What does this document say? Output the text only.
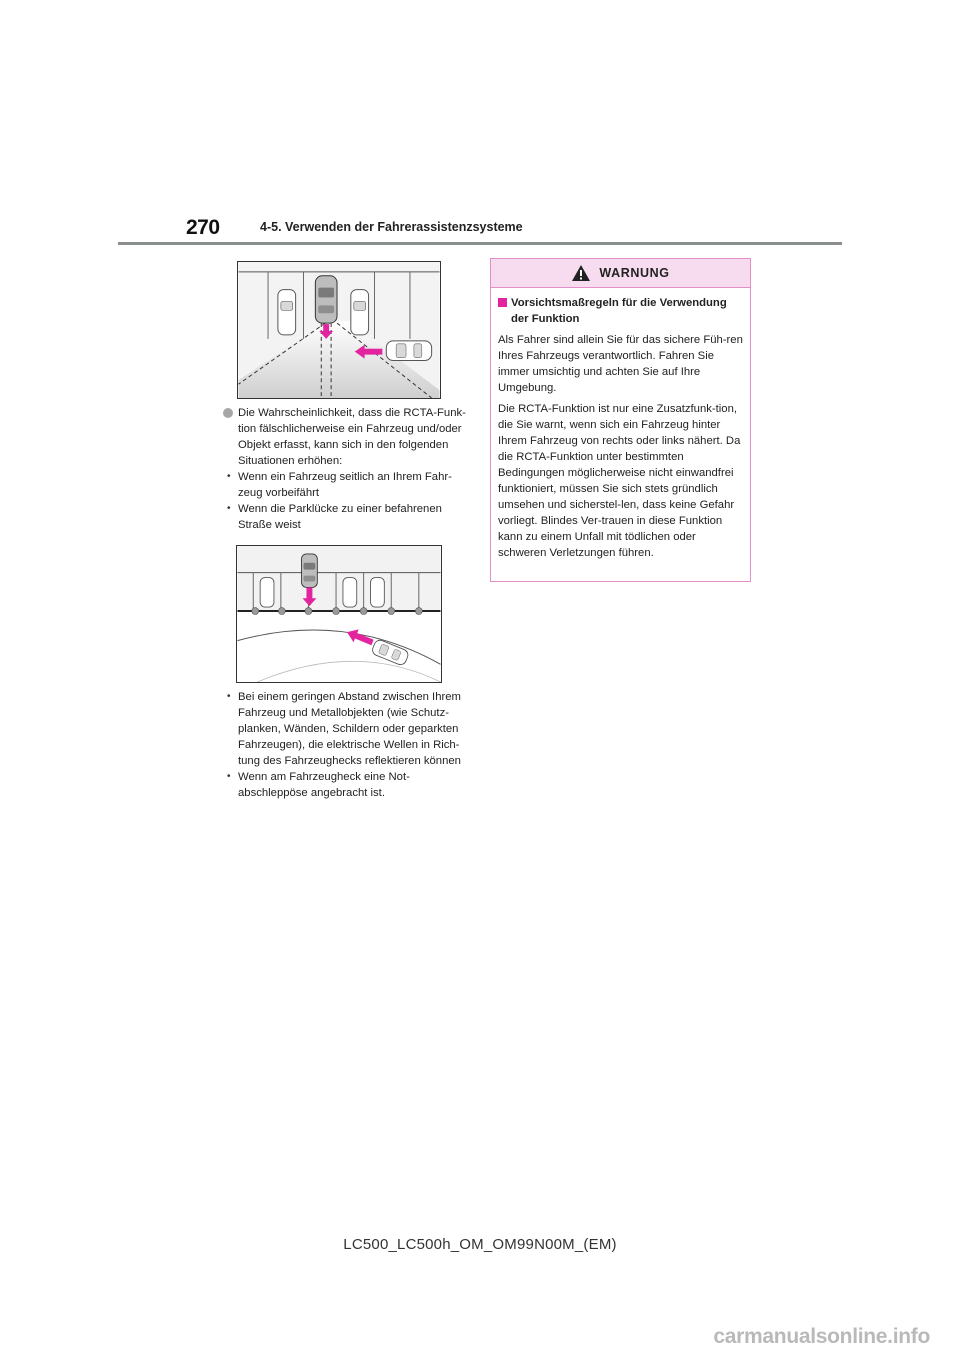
270	4-5. Verwenden der Fahrerassistenzsysteme
Die Wahrscheinlichkeit, dass die RCTA-Funk-tion fälschlicherweise ein Fahrzeug und/oder Objekt erfasst, kann sich in den folgenden Situationen erhöhen:
• Wenn ein Fahrzeug seitlich an Ihrem Fahr-zeug vorbeifährt
• Wenn die Parklücke zu einer befahrenen Straße weist
• Bei einem geringen Abstand zwischen Ihrem Fahrzeug und Metallobjekten (wie Schutz-planken, Wänden, Schildern oder geparkten Fahrzeugen), die elektrische Wellen in Rich-tung des Fahrzeughecks reflektieren können
• Wenn am Fahrzeugheck eine Not-abschleppöse angebracht ist.
WARNUNG
Vorsichtsmaßregeln für die Verwendung der Funktion

Als Fahrer sind allein Sie für das sichere Füh-ren Ihres Fahrzeugs verantwortlich. Fahren Sie immer umsichtig und achten Sie auf Ihre Umgebung.

Die RCTA-Funktion ist nur eine Zusatzfunk-tion, die Sie warnt, wenn sich ein Fahrzeug hinter Ihrem Fahrzeug von rechts oder links nähert. Da die RCTA-Funktion unter bestimmten Bedingungen möglicherweise nicht einwandfrei funktioniert, müssen Sie sich stets gründlich umsehen und sicherstel-len, dass keine Gefahr vorliegt. Blindes Ver-trauen in diese Funktion kann zu einem Unfall mit tödlichen oder schweren Verletzungen führen.

LC500_LC500h_OM_OM99N00M_(EM)
carmanualsonline.info
